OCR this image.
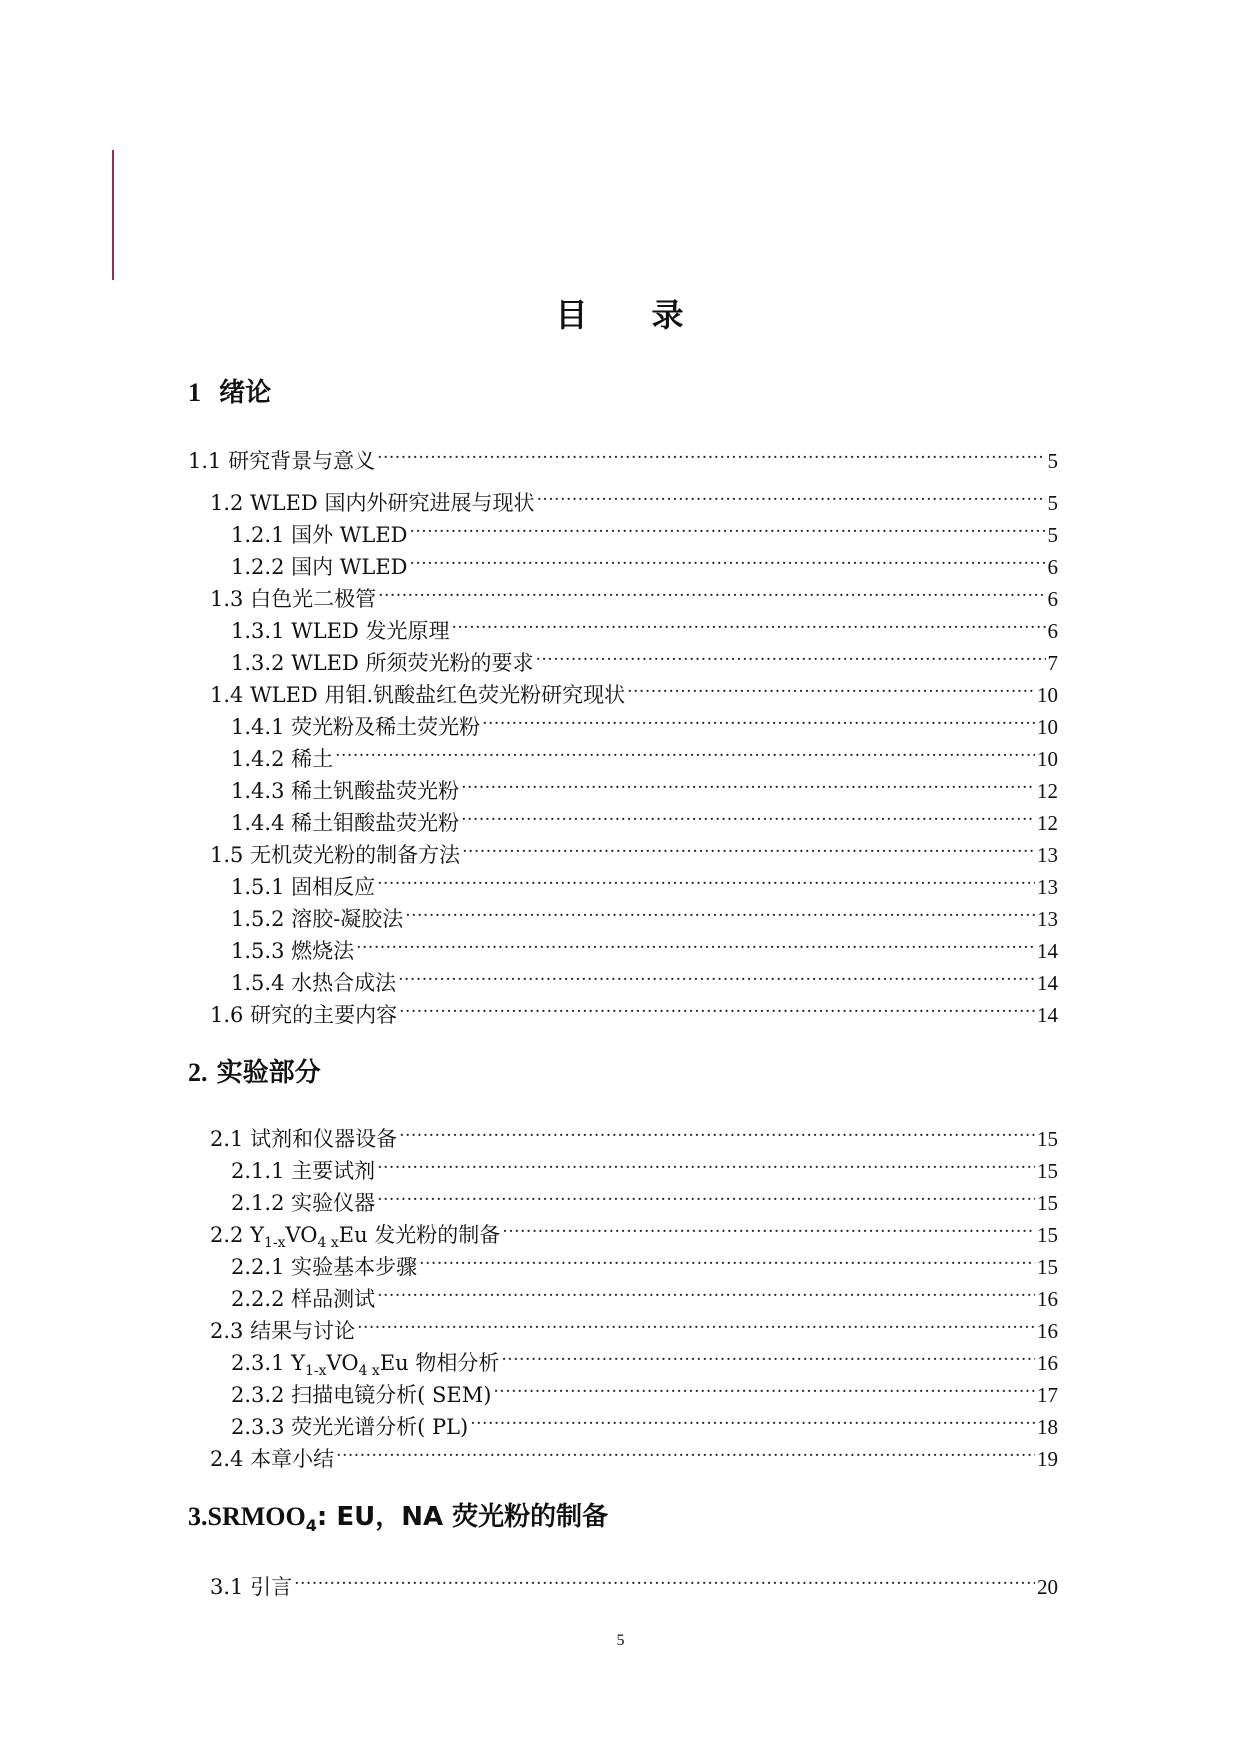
目 录
1 绪论
1.1 研究背景与意义 .....	5
1.2 WLED 国内外研究进展与现状 .....	5
1.2.1 国外 WLED .....	5
1.2.2 国内 WLED .....	6
1.3 白色光二极管 .....	6
1.3.1 WLED 发光原理 .....	6
1.3.2 WLED 所须荧光粉的要求 .....	7
1.4 WLED 用钼.钒酸盐红色荧光粉研究现状 .....	10
1.4.1 荧光粉及稀土荧光粉 .....	10
1.4.2 稀土 .....	10
1.4.3 稀土钒酸盐荧光粉 .....	12
1.4.4 稀土钼酸盐荧光粉 .....	12
1.5 无机荧光粉的制备方法 .....	13
1.5.1 固相反应 .....	13
1.5.2 溶胶-凝胶法 .....	13
1.5.3 燃烧法 .....	14
1.5.4 水热合成法 .....	14
1.6 研究的主要内容 .....	14
2. 实验部分
2.1 试剂和仪器设备 .....	15
2.1.1 主要试剂 .....	15
2.1.2 实验仪器 .....	15
2.2 $Y_{1-x}VO_{4 x}Eu$ 发光粉的制备 .....	15
2.2.1 实验基本步骤 .....	15
2.2.2 样品测试 .....	16
2.3 结果与讨论 .....	16
2.3.1 $Y_{1-x}VO_{4 x}Eu$ 物相分析 .....	16
2.3.2 扫描电镜分析( SEM) .....	17
2.3.3 荧光光谱分析( PL) .....	18
2.4 本章小结 .....	19
$3.SRMOO_4$: EU，NA 荧光粉的制备
3.1 引言 .....	20
5
